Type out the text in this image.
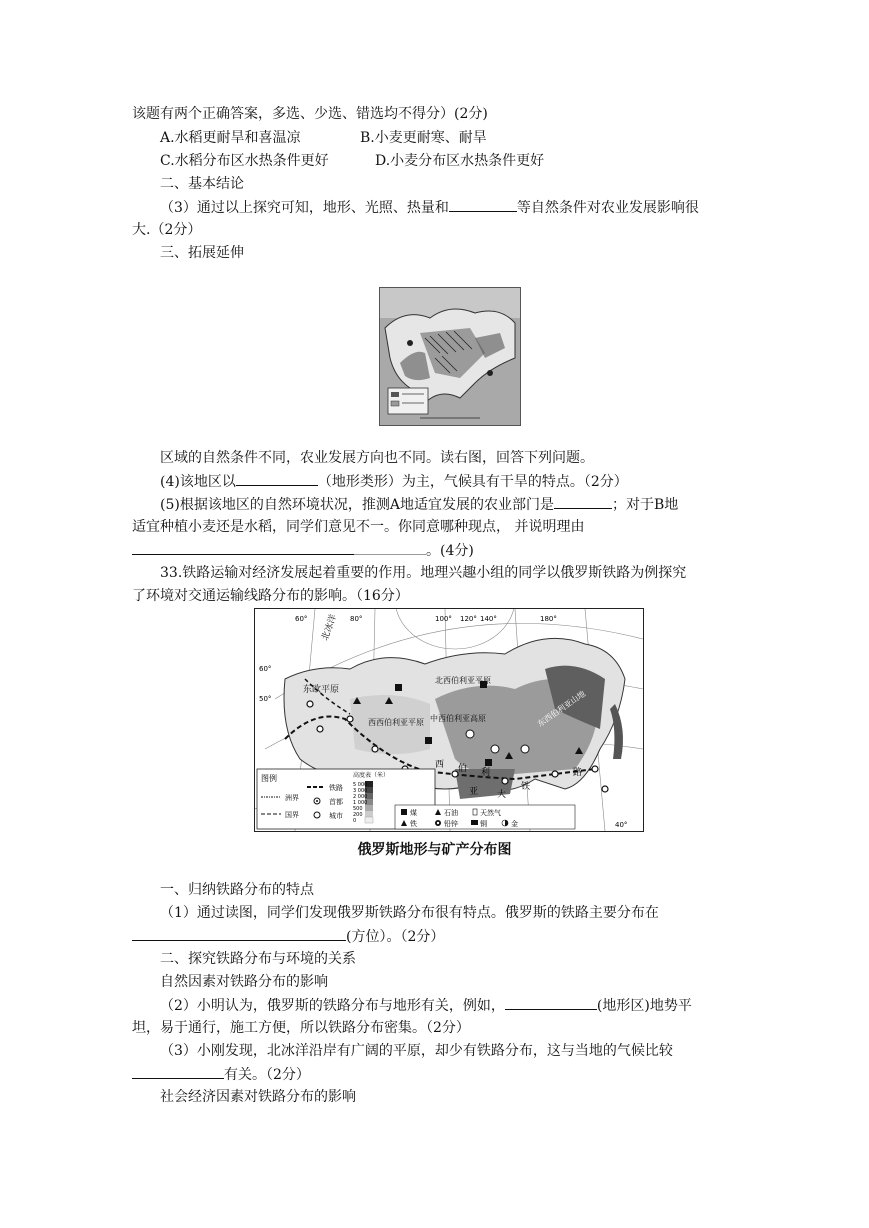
该题有两个正确答案，多选、少选、错选均不得分）(2分)
A.水稻更耐旱和喜温凉	B.小麦更耐寒、耐旱
C.水稻分布区水热条件更好	D.小麦分布区水热条件更好
二、基本结论
（3）通过以上探究可知，地形、光照、热量和	等自然条件对农业发展影响很
大.（2分）
三、拓展延伸
区域的自然条件不同，农业发展方向也不同。读右图，回答下列问题。
(4)该地区以	（地形类形）为主，气候具有干旱的特点。（2分）
(5)根据该地区的自然环境状况，推测A地适宜发展的农业部门是	；对于B地
适宜种植小麦还是水稻，同学们意见不一。你同意哪种现点， 并说明理由
。(4分)
33.铁路运输对经济发展起着重要的作用。地理兴趣小组的同学以俄罗斯铁路为例探究
了环境对交通运输线路分布的影响。（16分）
北冰洋
60°	80°	100° 120° 140°	180°
60°
50°
40°
东欧平原
北西伯利亚平原
西西伯利亚平原 中西伯利亚高原	东西伯利亚山地
西 伯 利
亚 大
铁
路
图例
洲界
国界
铁路
首都
城市
高度表（米）
5 000
3 000
2 000
1 000
500
200
0
煤	石油	天然气
铁	铅锌	铜	金
俄罗斯地形与矿产分布图
一、归纳铁路分布的特点
（1）通过读图，同学们发现俄罗斯铁路分布很有特点。俄罗斯的铁路主要分布在
(方位）。（2分）
二、探究铁路分布与环境的关系
自然因素对铁路分布的影响
（2）小明认为，俄罗斯的铁路分布与地形有关，例如，	(地形区)地势平
坦，易于通行，施工方便，所以铁路分布密集。（2分）
（3）小刚发现，北冰洋沿岸有广阔的平原，却少有铁路分布，这与当地的气候比较
有关。（2分）
社会经济因素对铁路分布的影响
